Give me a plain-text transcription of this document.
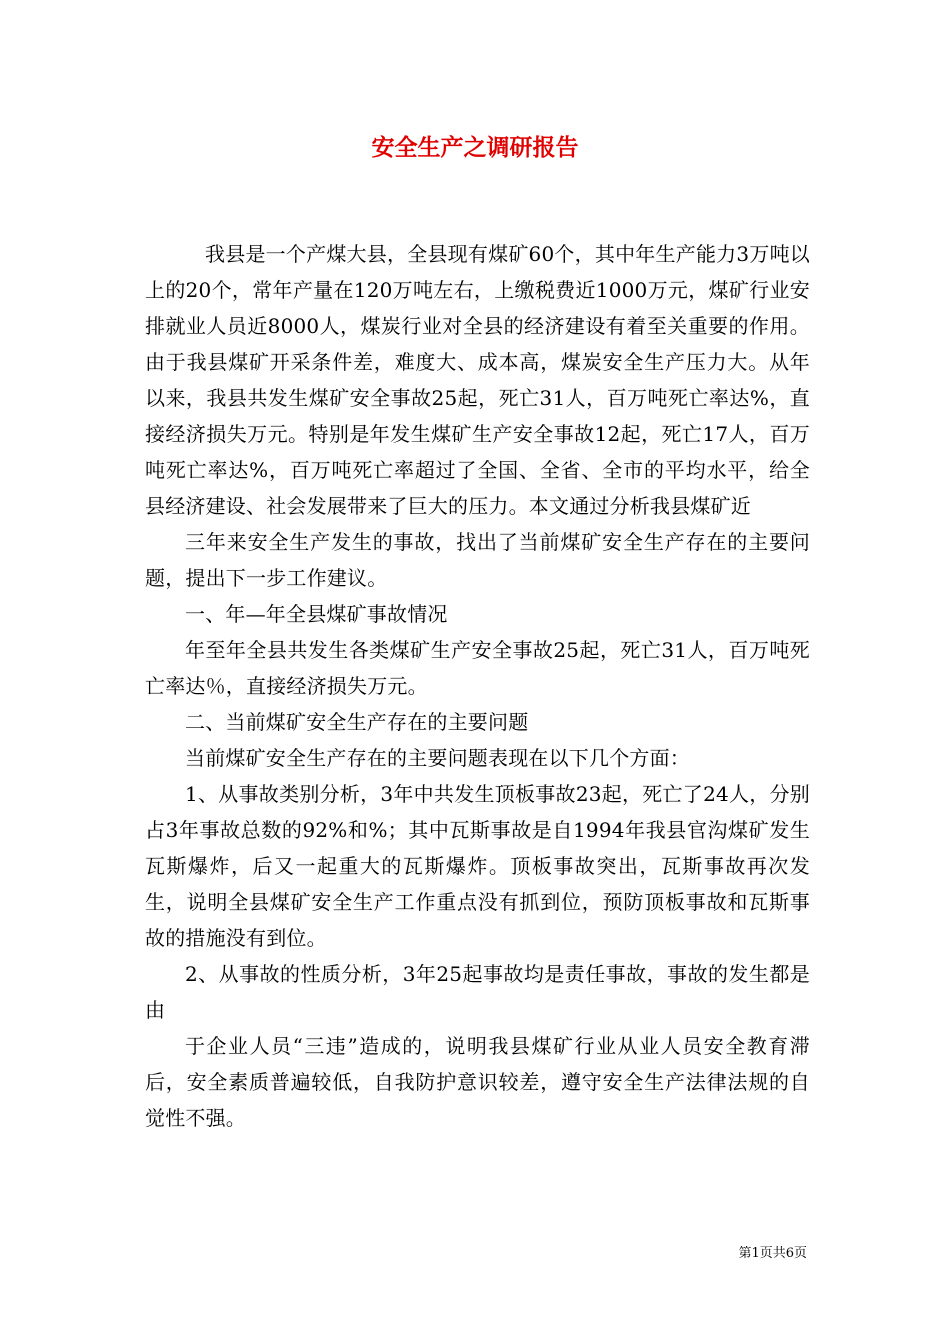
安全生产之调研报告

我县是一个产煤大县，全县现有煤矿60个，其中年生产能力3万吨以上的20个，常年产量在120万吨左右，上缴税费近1000万元，煤矿行业安排就业人员近8000人，煤炭行业对全县的经济建设有着至关重要的作用。由于我县煤矿开采条件差，难度大、成本高，煤炭安全生产压力大。从年以来，我县共发生煤矿安全事故25起，死亡31人，百万吨死亡率达%，直接经济损失万元。特别是年发生煤矿生产安全事故12起，死亡17人，百万吨死亡率达%，百万吨死亡率超过了全国、全省、全市的平均水平，给全县经济建设、社会发展带来了巨大的压力。本文通过分析我县煤矿近

三年来安全生产发生的事故，找出了当前煤矿安全生产存在的主要问题，提出下一步工作建议。

一、年—年全县煤矿事故情况

年至年全县共发生各类煤矿生产安全事故25起，死亡31人，百万吨死亡率达％，直接经济损失万元。

二、当前煤矿安全生产存在的主要问题

当前煤矿安全生产存在的主要问题表现在以下几个方面：

1、从事故类别分析，3年中共发生顶板事故23起，死亡了24人，分别占3年事故总数的92%和%；其中瓦斯事故是自1994年我县官沟煤矿发生瓦斯爆炸，后又一起重大的瓦斯爆炸。顶板事故突出，瓦斯事故再次发生，说明全县煤矿安全生产工作重点没有抓到位，预防顶板事故和瓦斯事故的措施没有到位。

2、从事故的性质分析，3年25起事故均是责任事故，事故的发生都是由

于企业人员“三违”造成的，说明我县煤矿行业从业人员安全教育滞后，安全素质普遍较低，自我防护意识较差，遵守安全生产法律法规的自觉性不强。

第1页共6页
